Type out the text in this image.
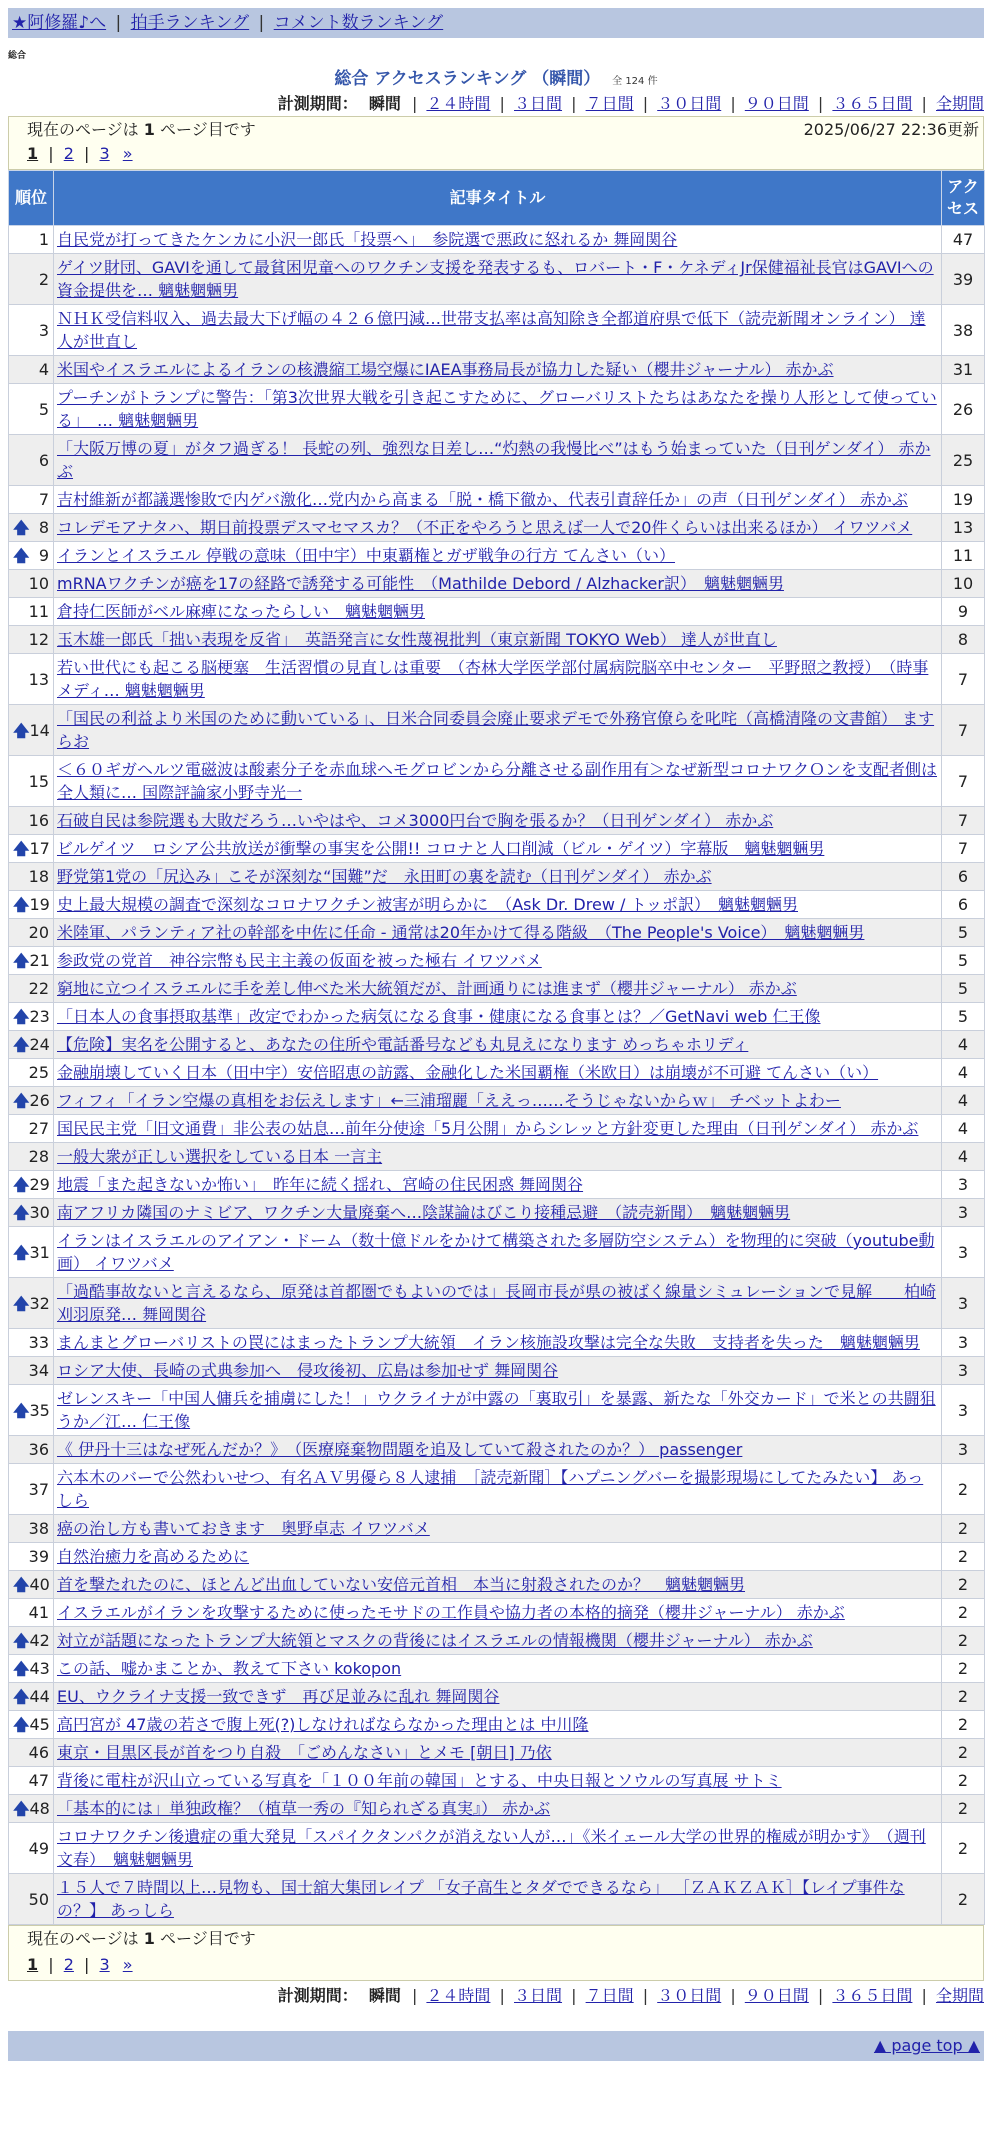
★阿修羅♪へ | 拍手ランキング | コメント数ランキング
総合
総合 アクセスランキング （瞬間） 全 124 件
計測期間： 瞬間 | ２４時間 | ３日間 | ７日間 | ３０日間 | ９０日間 | ３６５日間 | 全期間
現在のページは 1 ページ目です	2025/06/27 22:36更新
1 | 2 | 3 »
順位	記事タイトル	アクセス
1	自民党が打ってきたケンカに小沢一郎氏「投票へ」　参院選で悪政に怒れるか 舞岡関谷	47
2	ゲイツ財団、GAVIを通して最貧困児童へのワクチン支援を発表するも、ロバート・F・ケネディJr保健福祉長官はGAVIへの資金提供を… 魑魅魍魎男	39
3	ＮＨＫ受信料収入、過去最大下げ幅の４２６億円減…世帯支払率は高知除き全都道府県で低下（読売新聞オンライン） 達人が世直し	38
4	米国やイスラエルによるイランの核濃縮工場空爆にIAEA事務局長が協力した疑い（櫻井ジャーナル） 赤かぶ	31
5	プーチンがトランプに警告：「第3次世界大戦を引き起こすために、グローバリストたちはあなたを操り人形として使っている」　… 魑魅魍魎男	26
6	「大阪万博の夏」がタフ過ぎる！ 長蛇の列、強烈な日差し…“灼熱の我慢比べ”はもう始まっていた（日刊ゲンダイ） 赤かぶ	25
7	吉村維新が都議選惨敗で内ゲバ激化…党内から高まる「脱・橋下徹か、代表引責辞任か」の声（日刊ゲンダイ） 赤かぶ	19

🡅 8	コレデモアナタハ、期日前投票デスマセマスカ？（不正をやろうと思えば一人で20件くらいは出来るほか） イワツバメ	13

🡅 9	イランとイスラエル 停戦の意味（田中宇）中東覇権とガザ戦争の行方 てんさい（い）	11
10	mRNAワクチンが癌を17の経路で誘発する可能性　（Mathilde Debord / Alzhacker訳）　魑魅魍魎男	10
11	倉持仁医師がベル麻痺になったらしい　魑魅魍魎男	9
12	玉木雄一郎氏「拙い表現を反省」　英語発言に女性蔑視批判（東京新聞 TOKYO Web） 達人が世直し	8
13	若い世代にも起こる脳梗塞　生活習慣の見直しは重要　（杏林大学医学部付属病院脳卒中センター　平野照之教授）　（時事メディ… 魑魅魍魎男	7

🡅 14	「国民の利益より米国のために動いている」、日米合同委員会廃止要求デモで外務官僚らを叱咤（高橋清隆の文書館） ますらお	7
15	＜６０ギガヘルツ電磁波は酸素分子を赤血球ヘモグロビンから分離させる副作用有＞なぜ新型コロナワクＯンを支配者側は全人類に… 国際評論家小野寺光一	7
16	石破自民は参院選も大敗だろう…いやはや、コメ3000円台で胸を張るか？（日刊ゲンダイ） 赤かぶ	7

🡅 17	ビルゲイツ　ロシア公共放送が衝撃の事実を公開!! コロナと人口削減（ビル・ゲイツ）字幕版　魑魅魍魎男	7
18	野党第1党の「尻込み」こそが深刻な“国難”だ　永田町の裏を読む（日刊ゲンダイ） 赤かぶ	6

🡅 19	史上最大規模の調査で深刻なコロナワクチン被害が明らかに　（Ask Dr. Drew / トッポ訳）　魑魅魍魎男	6
20	米陸軍、パランティア社の幹部を中佐に任命 - 通常は20年かけて得る階級　（The People's Voice）　魑魅魍魎男	5

🡅 21	参政党の党首　神谷宗幣も民主主義の仮面を被った極右 イワツバメ	5
22	窮地に立つイスラエルに手を差し伸べた米大統領だが、計画通りには進まず（櫻井ジャーナル） 赤かぶ	5

🡅 23	「日本人の食事摂取基準」改定でわかった病気になる食事・健康になる食事とは？／GetNavi web 仁王像	5

🡅 24	【危険】実名を公開すると、あなたの住所や電話番号なども丸見えになります めっちゃホリディ	4
25	金融崩壊していく日本（田中宇）安倍昭恵の訪露、金融化した米国覇権（米欧日）は崩壊が不可避 てんさい（い）	4

🡅 26	フィフィ「イラン空爆の真相をお伝えします」←三浦瑠麗「ええっ……そうじゃないからｗ」 チベットよわー	4
27	国民民主党「旧文通費」非公表の姑息…前年分使途「5月公開」からシレッと方針変更した理由（日刊ゲンダイ） 赤かぶ	4
28	一般大衆が正しい選択をしている日本 一言主	4

🡅 29	地震「また起きないか怖い」　昨年に続く揺れ、宮崎の住民困惑 舞岡関谷	3

🡅 30	南アフリカ隣国のナミビア、ワクチン大量廃棄へ…陰謀論はびこり接種忌避　（読売新聞）　魑魅魍魎男	3

🡅 31	イランはイスラエルのアイアン・ドーム（数十億ドルをかけて構築された多層防空システム）を物理的に突破（youtube動画） イワツバメ	3

🡅 32	「過酷事故ないと言えるなら、原発は首都圏でもよいのでは」長岡市長が県の被ばく線量シミュレーションで見解　　柏崎刈羽原発… 舞岡関谷	3
33	まんまとグローバリストの罠にはまったトランプ大統領　イラン核施設攻撃は完全な失敗　支持者を失った　魑魅魍魎男	3
34	ロシア大使、長崎の式典参加へ　侵攻後初、広島は参加せず 舞岡関谷	3

🡅 35	ゼレンスキー「中国人傭兵を捕虜にした！」ウクライナが中露の「裏取引」を暴露、新たな「外交カード」で米との共闘狙うか／江… 仁王像	3
36	《 伊丹十三はなぜ死んだか？》　（医療廃棄物問題を追及していて殺されたのか？） passenger	3
37	六本木のバーで公然わいせつ、有名ＡＶ男優ら８人逮捕　［読売新聞］【ハプニングバーを撮影現場にしてたみたい】 あっしら	2
38	癌の治し方も書いておきます　奥野卓志 イワツバメ	2
39	自然治癒力を高めるために	2

🡅 40	首を撃たれたのに、ほとんど出血していない安倍元首相　本当に射殺されたのか？　魑魅魍魎男	2
41	イスラエルがイランを攻撃するために使ったモサドの工作員や協力者の本格的摘発（櫻井ジャーナル） 赤かぶ	2

🡅 42	対立が話題になったトランプ大統領とマスクの背後にはイスラエルの情報機関（櫻井ジャーナル） 赤かぶ	2

🡅 43	この話、嘘かまことか、教えて下さい kokopon	2

🡅 44	EU、ウクライナ支援一致できず　再び足並みに乱れ 舞岡関谷	2

🡅 45	高円宮が 47歳の若さで腹上死(?)しなければならなかった理由とは 中川隆	2
46	東京・目黒区長が首をつり自殺　「ごめんなさい」とメモ [朝日] 乃依	2
47	背後に電柱が沢山立っている写真を「１００年前の韓国」とする、中央日報とソウルの写真展 サトミ	2

🡅 48	「基本的には」単独政権？（植草一秀の『知られざる真実』） 赤かぶ	2
49	コロナワクチン後遺症の重大発見「スパイクタンパクが消えない人が…」《米イェール大学の世界的権威が明かす》　（週刊文春）　魑魅魍魎男	2
50	１５人で７時間以上…見物も、国士舘大集団レイプ 「女子高生とタダでできるなら」 ［ＺＡＫＺＡＫ］【レイプ事件なの？】 あっしら	2
現在のページは 1 ページ目です
1 | 2 | 3 »
計測期間： 瞬間 | ２４時間 | ３日間 | ７日間 | ３０日間 | ９０日間 | ３６５日間 | 全期間
▲ page top ▲
